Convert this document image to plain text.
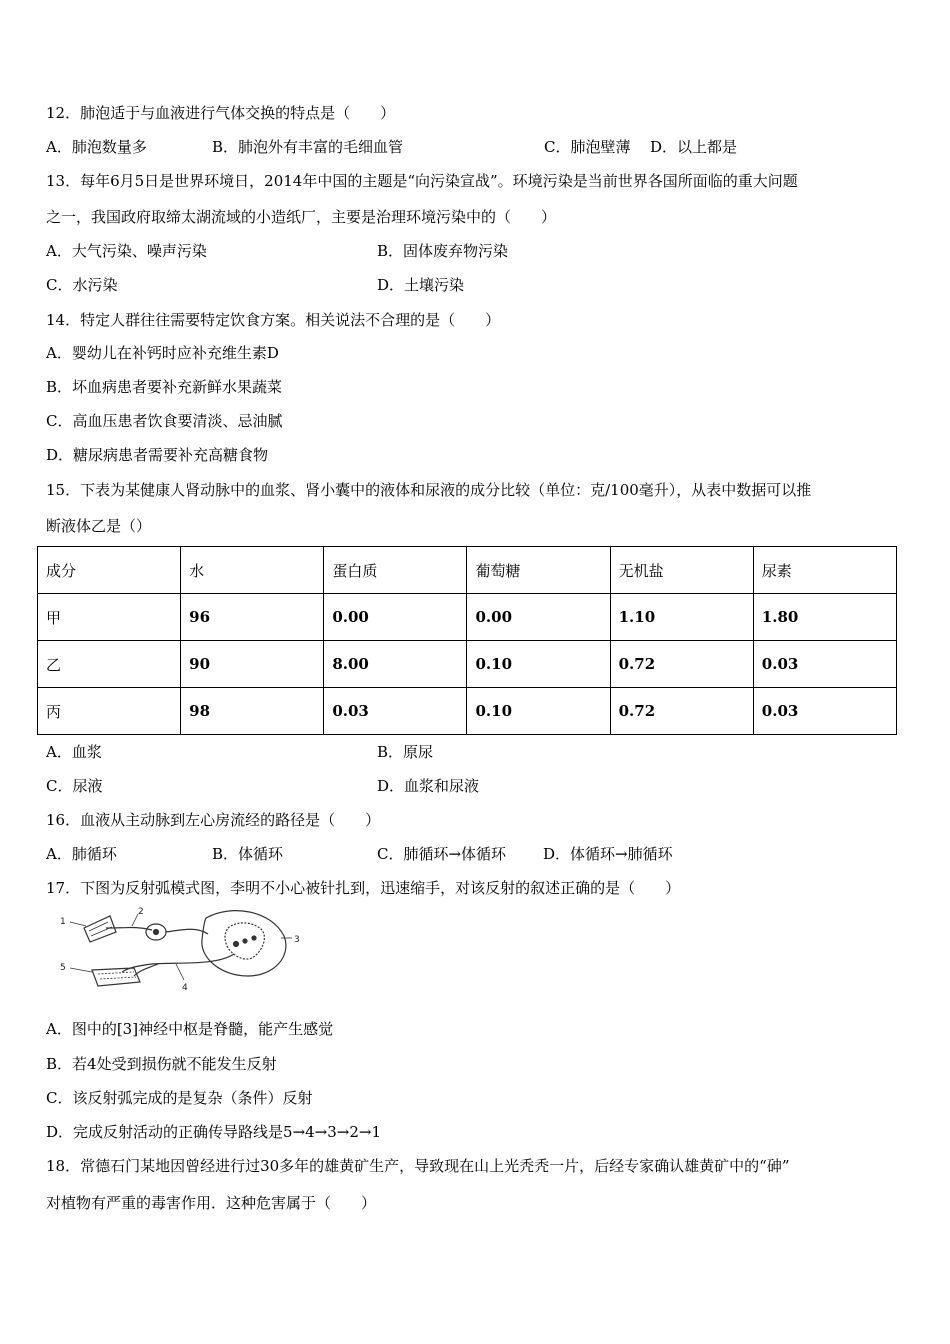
12．肺泡适于与血液进行气体交换的特点是（　　）
A．肺泡数量多	B．肺泡外有丰富的毛细血管	C．肺泡壁薄 D．以上都是
13．每年6月5日是世界环境日，2014年中国的主题是“向污染宣战”。环境污染是当前世界各国所面临的重大问题
之一，我国政府取缔太湖流域的小造纸厂，主要是治理环境污染中的（　　）
A．大气污染、噪声污染	B．固体废弃物污染
C．水污染	D．土壤污染
14．特定人群往往需要特定饮食方案。相关说法不合理的是（　　）
A．婴幼儿在补钙时应补充维生素D
B．坏血病患者要补充新鲜水果蔬菜
C．高血压患者饮食要清淡、忌油腻
D．糖尿病患者需要补充高糖食物
15．下表为某健康人肾动脉中的血浆、肾小囊中的液体和尿液的成分比较（单位：克/100毫升），从表中数据可以推
断液体乙是（）
成分	水	蛋白质	葡萄糖	无机盐	尿素
甲	96	0.00	0.00	1.10	1.80
乙	90	8.00	0.10	0.72	0.03
丙	98	0.03	0.10	0.72	0.03
A．血浆	B．原尿
C．尿液	D．血浆和尿液
16．血液从主动脉到左心房流经的路径是（　　）
A．肺循环	B．体循环	C．肺循环→体循环 D．体循环→肺循环
17．下图为反射弧模式图，李明不小心被针扎到，迅速缩手，对该反射的叙述正确的是（　　）
1
2
3
4
5
A．图中的[3]神经中枢是脊髓，能产生感觉
B．若4处受到损伤就不能发生反射
C．该反射弧完成的是复杂（条件）反射
D．完成反射活动的正确传导路线是5→4→3→2→1
18．常德石门某地因曾经进行过30多年的雄黄矿生产，导致现在山上光秃秃一片，后经专家确认雄黄矿中的“砷”
对植物有严重的毒害作用．这种危害属于（　　）
